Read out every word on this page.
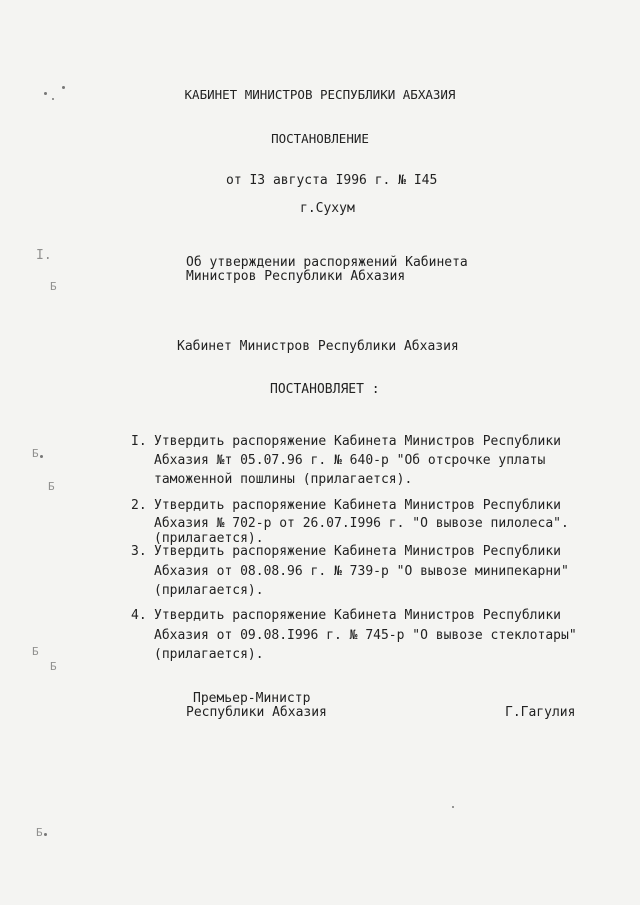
КАБИНЕТ МИНИСТРОВ РЕСПУБЛИКИ АБХАЗИЯ
ПОСТАНОВЛЕНИЕ
от I3 августа I996 г. № I45
г.Сухум
Об утверждении распоряжений Кабинета
Министров Республики Абхазия
Кабинет Министров Республики Абхазия
ПОСТАНОВЛЯЕТ :
I. Утвердить распоряжение Кабинета Министров Республики
Абхазия №т 05.07.96 г. № 640-р "Об отсрочке уплаты
таможенной пошлины (прилагается).
2. Утвердить распоряжение Кабинета Министров Республики
Абхазия № 702-р от 26.07.I996 г. "О вывозе пилолеса".
(прилагается).
3. Утвердить распоряжение Кабинета Министров Республики
Абхазия от 08.08.96 г. № 739-р "О вывозе минипекарни"
(прилагается).
4. Утвердить распоряжение Кабинета Министров Республики
Абхазия от 09.08.I996 г. № 745-р "О вывозе стеклотары"
(прилагается).
Премьер-Министр
Республики Абхазия	Г.Гагулия
I.
Б
Б
Б
Б
Б
Б
